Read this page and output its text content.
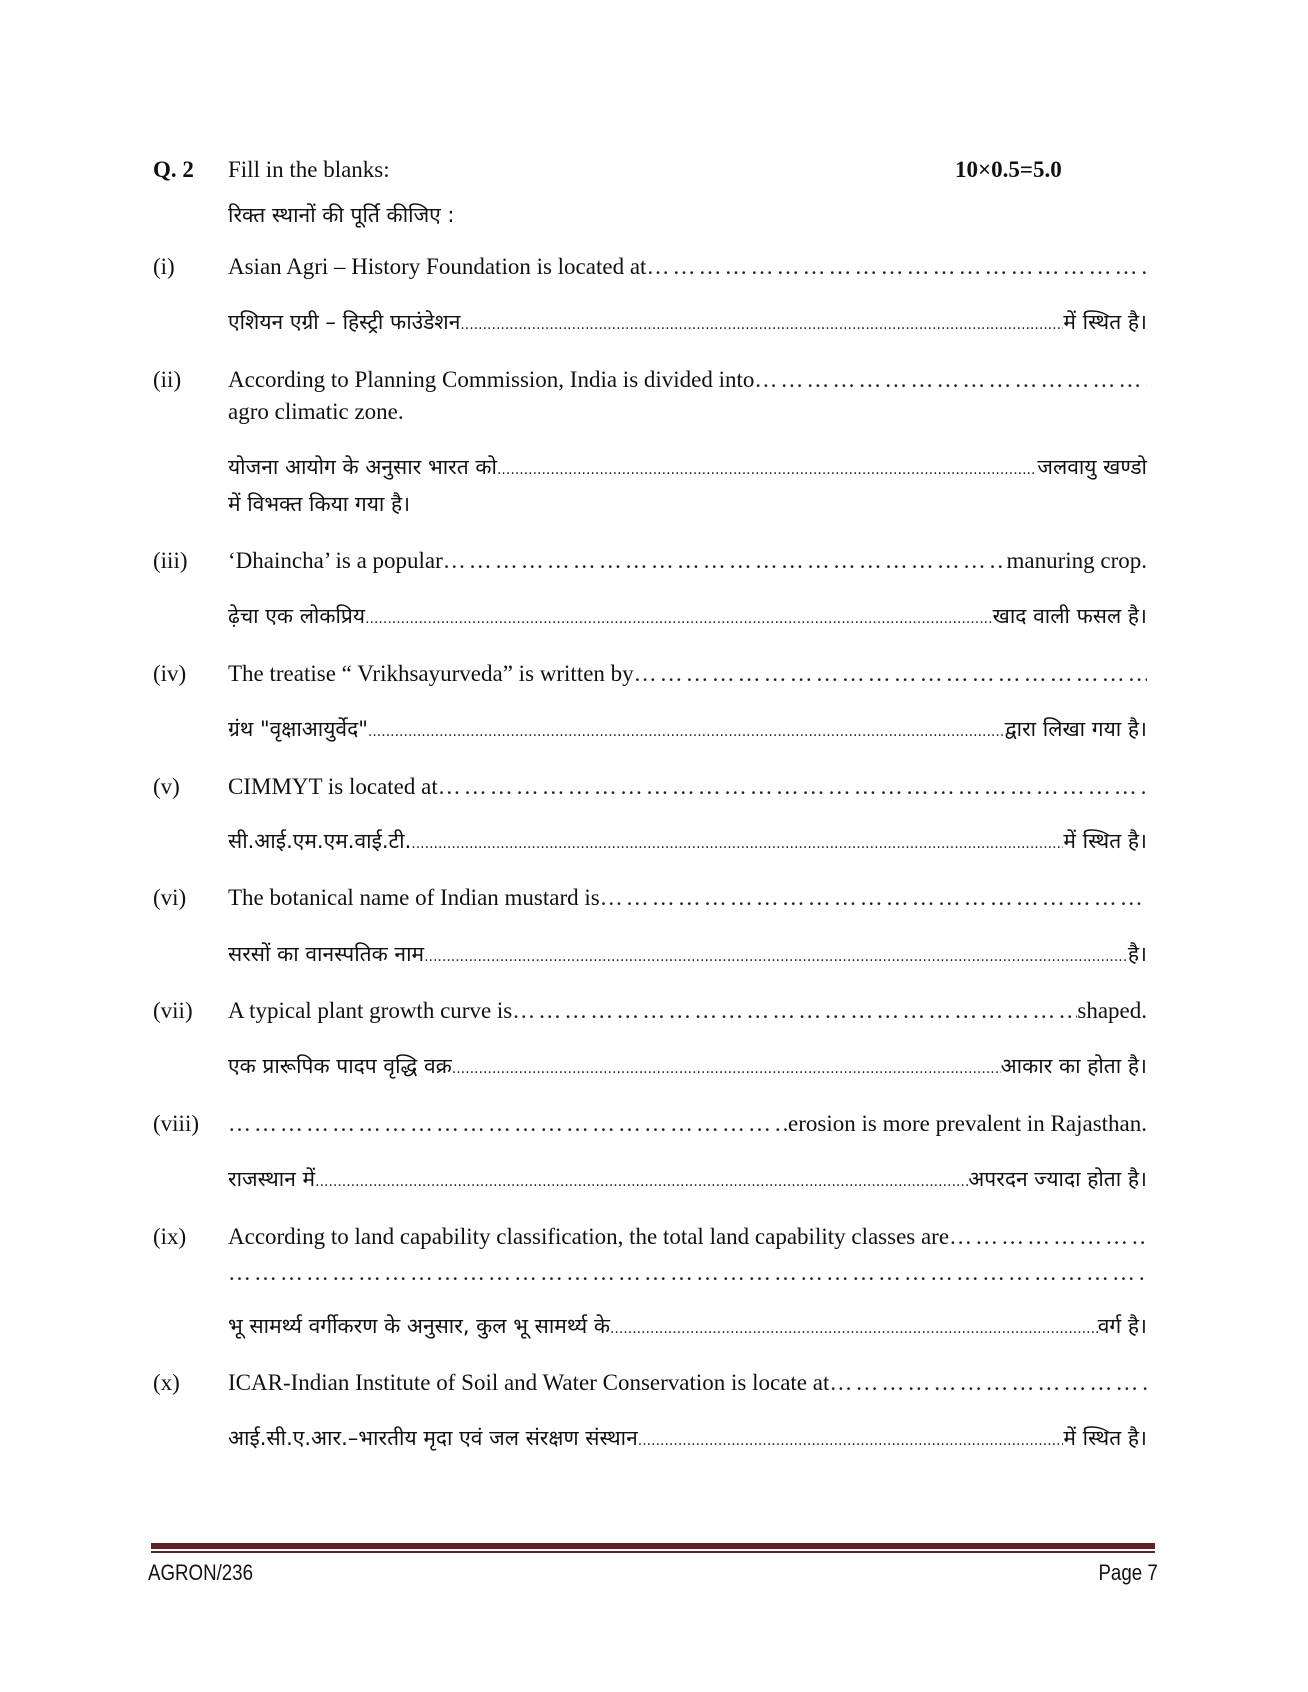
Q. 2 Fill in the blanks:	10×0.5=5.0
रिक्त स्थानों की पूर्ति कीजिए :
(i) Asian Agri – History Foundation is located at
………………………………………………………………………………………………………………………………………………………………
एशियन एग्री – हिस्ट्री फाउंडेशन .....	में स्थित है।
(ii) According to Planning Commission, India is divided into
………………………………………………………………………………………………………………………………………………………………
agro climatic zone.
योजना आयोग के अनुसार भारत को .....	जलवायु खण्डो
में विभक्त किया गया है।
(iii) ‘Dhaincha’ is a popular ………………………………………………………………………………………………………………………………………………………………	manuring crop.
ढ़ेचा एक लोकप्रिय .....	खाद वाली फसल है।
(iv) The treatise “ Vrikhsayurveda” is written by
………………………………………………………………………………………………………………………………………………………………
ग्रंथ "वृक्षाआयुर्वेद" .....	द्वारा लिखा गया है।
(v) CIMMYT is located at
………………………………………………………………………………………………………………………………………………………………
सी.आई.एम.एम.वाई.टी. .....	में स्थित है।
(vi) The botanical name of Indian mustard is
………………………………………………………………………………………………………………………………………………………………
सरसों का वानस्पतिक नाम .....	है।
(vii) A typical plant growth curve is ………………………………………………………………………………………………………………………………………………………………	shaped.
एक प्रारूपिक पादप वृद्धि वक्र .....	आकार का होता है।
(viii) ………………………………………………………………………………………………………………………………………………………………	erosion is more prevalent in Rajasthan.
राजस्थान में .....	अपरदन ज्यादा होता है।
(ix) According to land capability classification, the total land capability classes are
………………………………………………………………………………………………………………………………………………………………
………………………………………………………………………………………………………………………………………………………………
भू सामर्थ्य वर्गीकरण के अनुसार, कुल भू सामर्थ्य के .....	वर्ग है।
(x) ICAR-Indian Institute of Soil and Water Conservation is locate at
………………………………………………………………………………………………………………………………………………………………
आई.सी.ए.आर.–भारतीय मृदा एवं जल संरक्षण संस्थान .....	में स्थित है।
AGRON/236	Page 7
